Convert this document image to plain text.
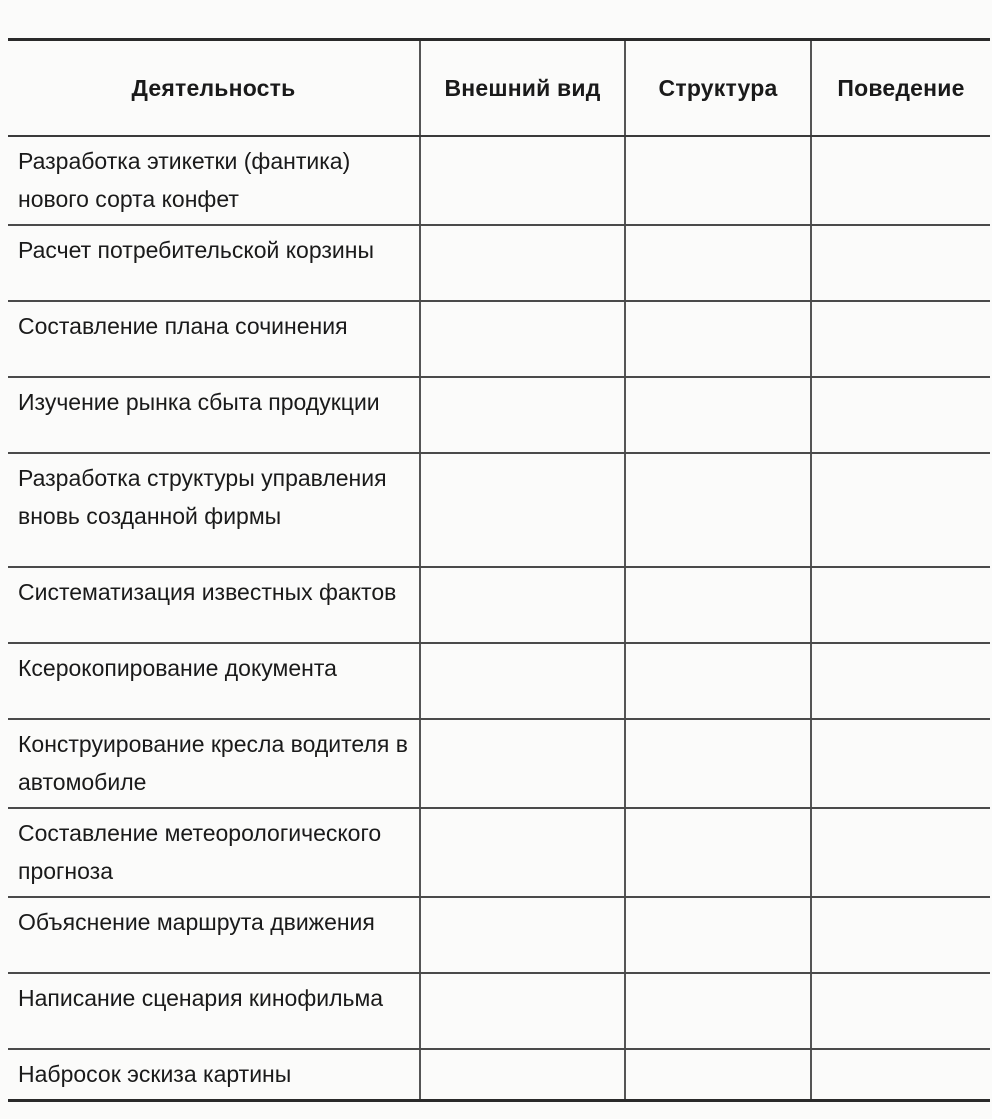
Деятельность	Внешний вид	Структура	Поведение
Разработка этикетки (фантика) нового сорта конфет			
Расчет потребительской корзины			
Составление плана сочинения			
Изучение рынка сбыта продукции			
Разработка структуры управления вновь созданной фирмы			
Систематизация известных фактов			
Ксерокопирование документа			
Конструирование кресла водителя в автомобиле			
Составление метеорологического прогноза			
Объяснение маршрута движения			
Написание сценария кинофильма			
Набросок эскиза картины			
